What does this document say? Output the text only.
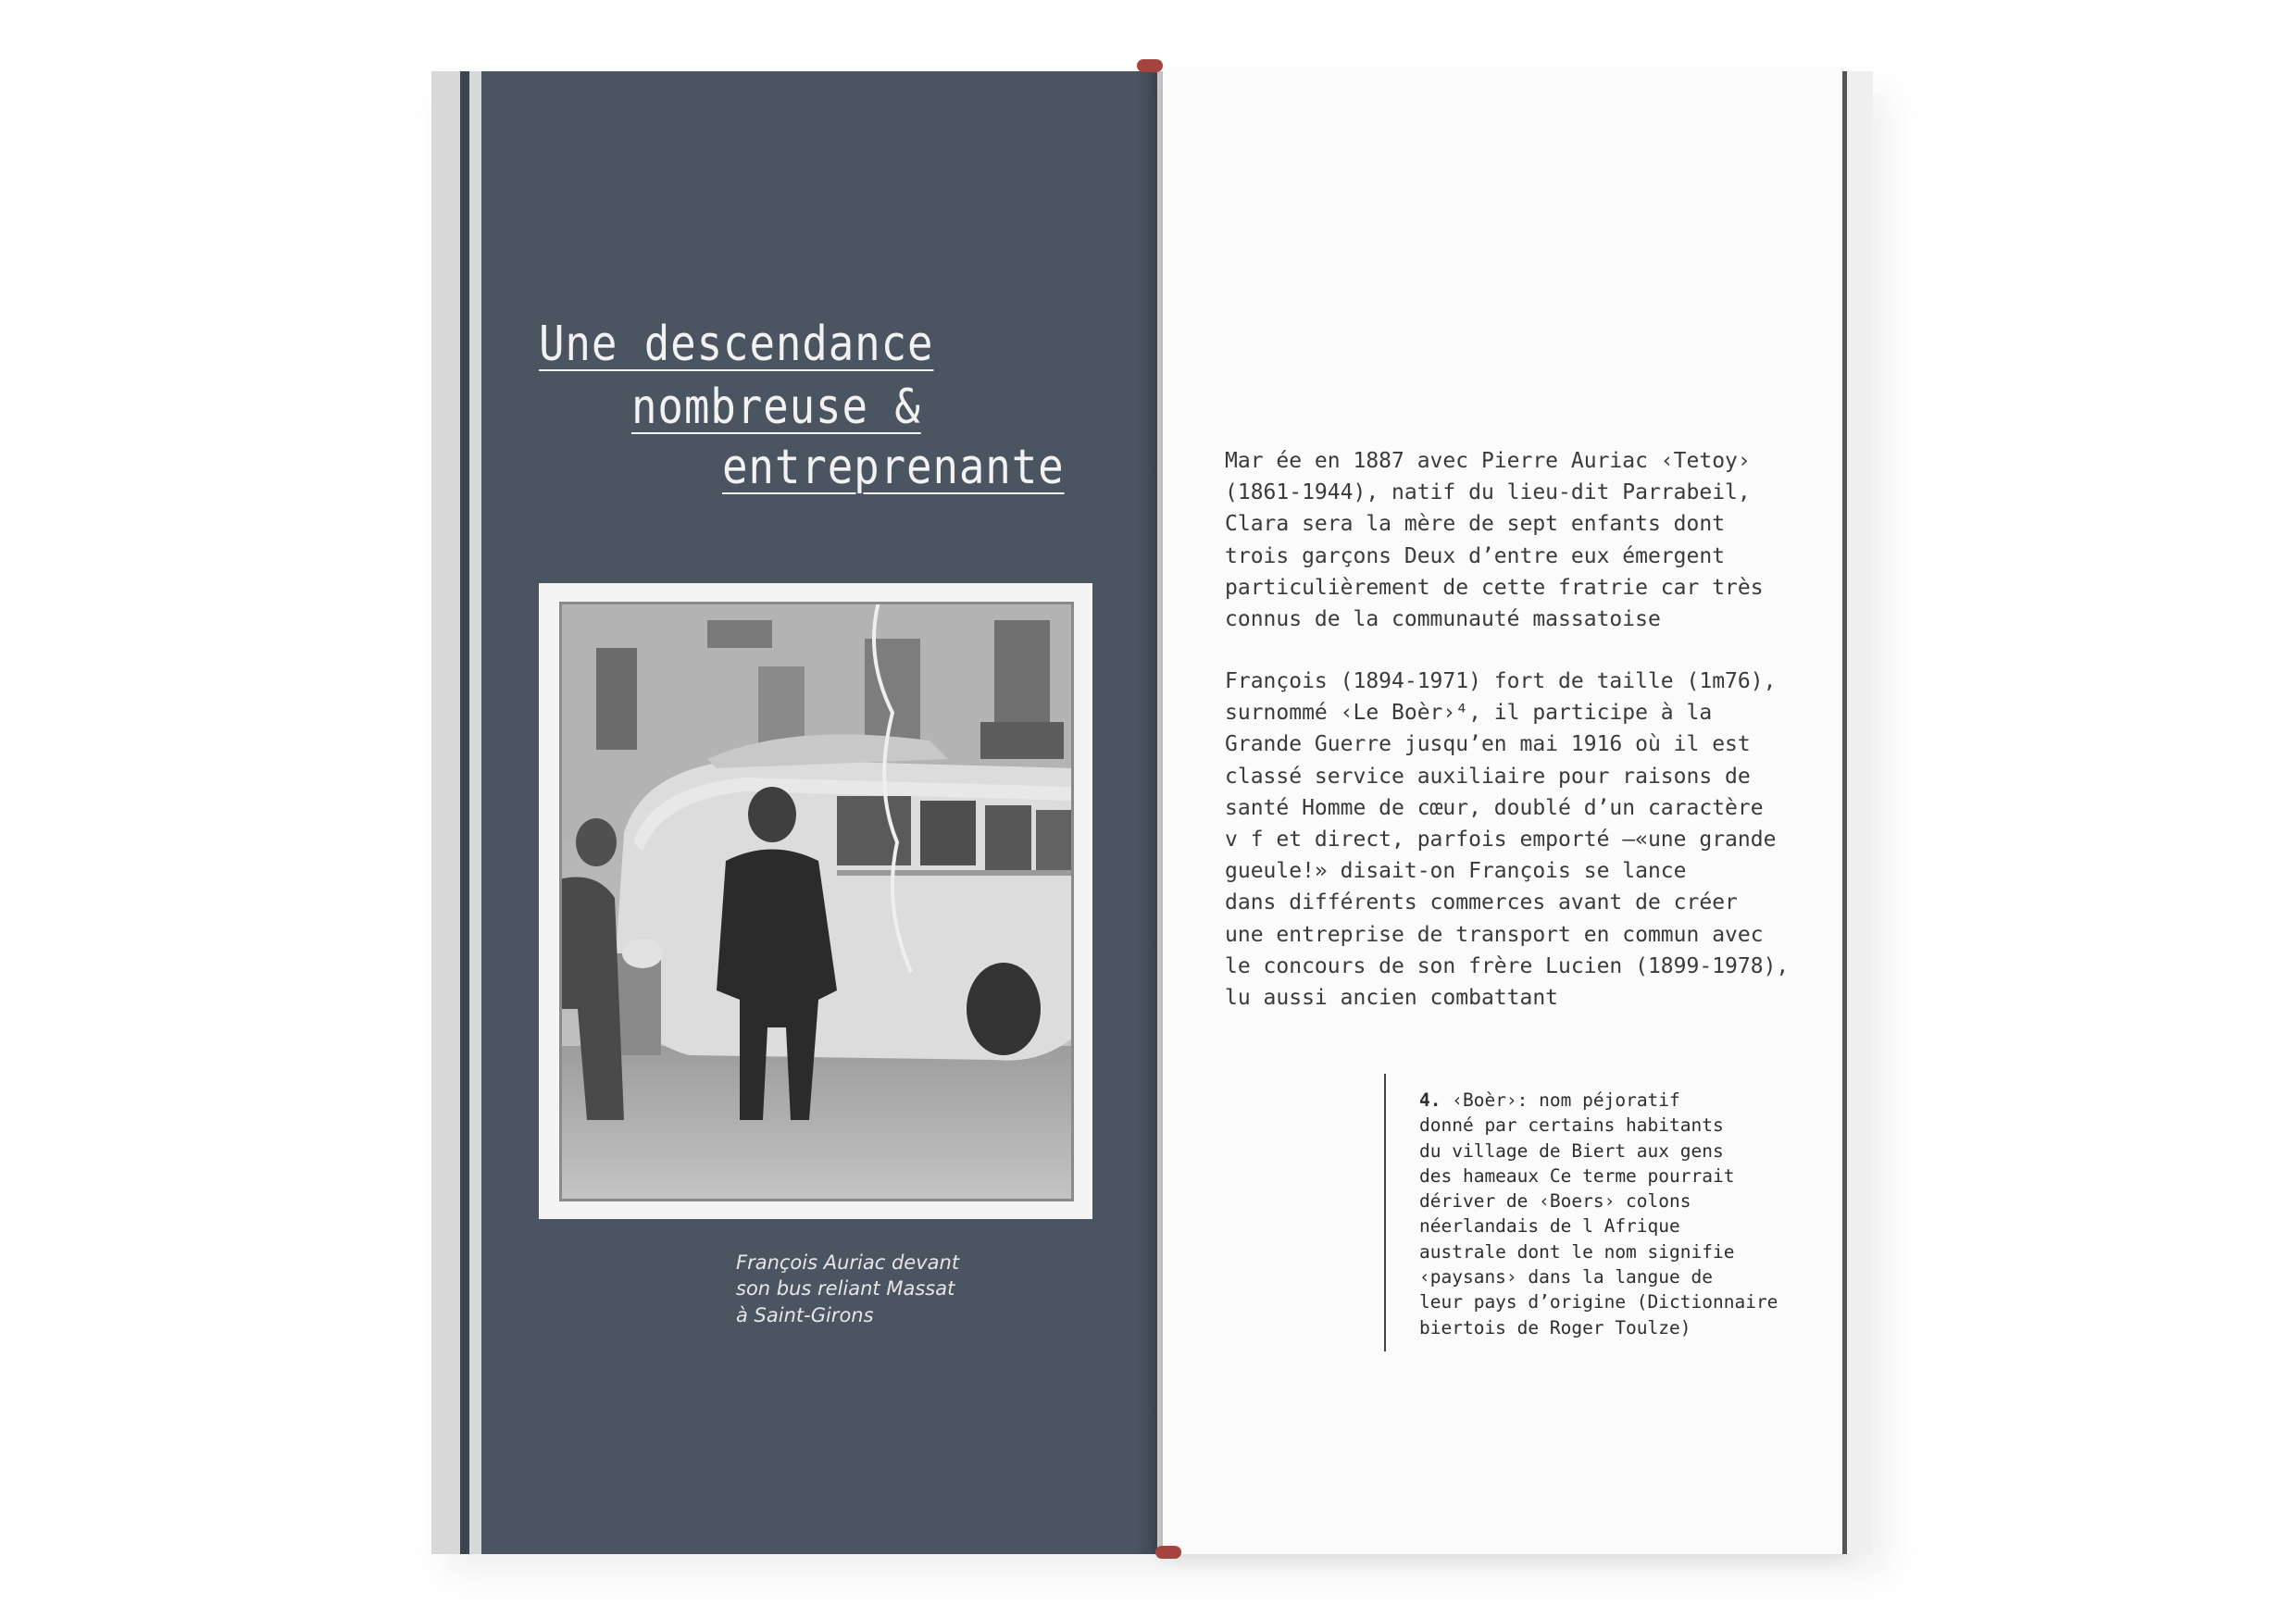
Une descendance
nombreuse &
entreprenante
François Auriac devant
son bus reliant Massat
à Saint-Girons
Mar ée en 1887 avec Pierre Auriac ‹Tetoy›
(1861-1944), natif du lieu-dit Parrabeil,
Clara sera la mère de sept enfants dont
trois garçons Deux d’entre eux émergent
particulièrement de cette fratrie car très
connus de la communauté massatoise
François (1894-1971) fort de taille (1m76),
surnommé ‹Le Boèr›⁴, il participe à la
Grande Guerre jusqu’en mai 1916 où il est
classé service auxiliaire pour raisons de
santé Homme de cœur, doublé d’un caractère
v f et direct, parfois emporté –«une grande
gueule!» disait-on François se lance
dans différents commerces avant de créer
une entreprise de transport en commun avec
le concours de son frère Lucien (1899-1978),
lu aussi ancien combattant
4. ‹Boèr›: nom péjoratif
donné par certains habitants
du village de Biert aux gens
des hameaux Ce terme pourrait
dériver de ‹Boers› colons
néerlandais de l Afrique
australe dont le nom signifie
‹paysans› dans la langue de
leur pays d’origine (Dictionnaire
biertois de Roger Toulze)
